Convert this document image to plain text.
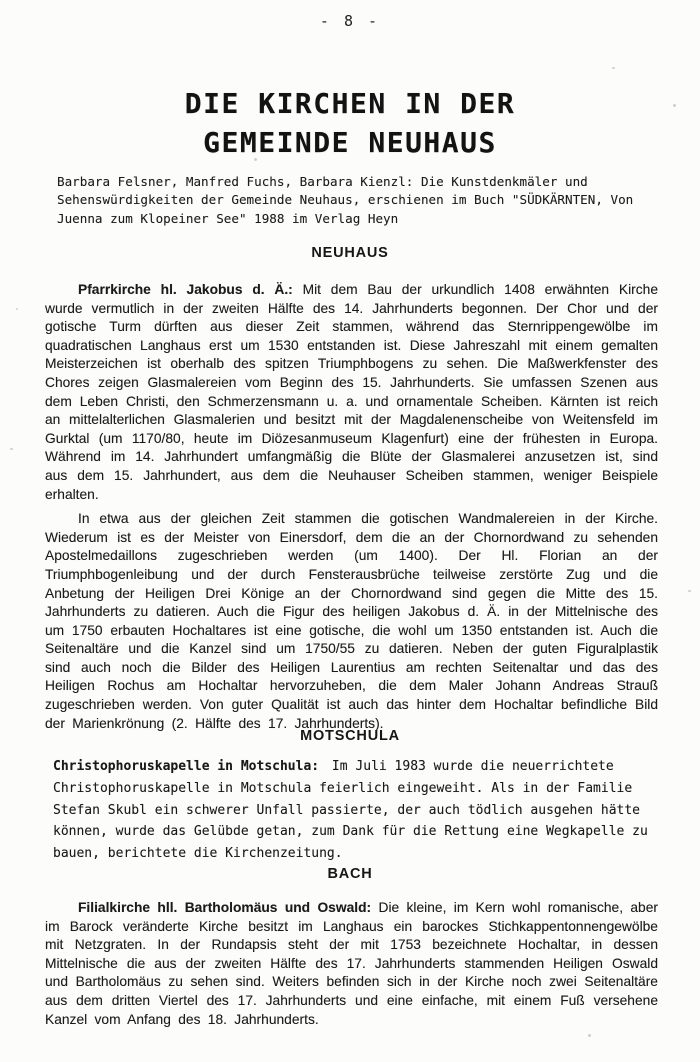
- 8 -
DIE KIRCHEN IN DER
GEMEINDE NEUHAUS
Barbara Felsner, Manfred Fuchs, Barbara Kienzl: Die Kunstdenkmäler und Sehenswürdigkeiten der Gemeinde Neuhaus, erschienen im Buch "SÜDKÄRNTEN, Von Juenna zum Klopeiner See" 1988 im Verlag Heyn
NEUHAUS

Pfarrkirche hl. Jakobus d. Ä.: Mit dem Bau der urkundlich 1408 erwähnten Kirche wurde vermutlich in der zweiten Hälfte des 14. Jahrhunderts begonnen. Der Chor und der gotische Turm dürften aus dieser Zeit stammen, während das Sternrippengewölbe im quadratischen Langhaus erst um 1530 entstanden ist. Diese Jahreszahl mit einem gemalten Meisterzeichen ist oberhalb des spitzen Triumphbogens zu sehen. Die Maßwerkfenster des Chores zeigen Glasmalereien vom Beginn des 15. Jahrhunderts. Sie umfassen Szenen aus dem Leben Christi, den Schmerzensmann u. a. und ornamentale Scheiben. Kärnten ist reich an mittelalterlichen Glasmalerien und besitzt mit der Magdalenenscheibe von Weitensfeld im Gurktal (um 1170/80, heute im Diözesanmuseum Klagenfurt) eine der frühesten in Europa. Während im 14. Jahrhundert umfangmäßig die Blüte der Glasmalerei anzusetzen ist, sind aus dem 15. Jahrhundert, aus dem die Neuhauser Scheiben stammen, weniger Beispiele erhalten.

In etwa aus der gleichen Zeit stammen die gotischen Wandmalereien in der Kirche. Wiederum ist es der Meister von Einersdorf, dem die an der Chornordwand zu sehenden Apostelmedaillons zugeschrieben werden (um 1400). Der Hl. Florian an der Triumphbogenleibung und der durch Fensterausbrüche teilweise zerstörte Zug und die Anbetung der Heiligen Drei Könige an der Chornordwand sind gegen die Mitte des 15. Jahrhunderts zu datieren. Auch die Figur des heiligen Jakobus d. Ä. in der Mittelnische des um 1750 erbauten Hochaltares ist eine gotische, die wohl um 1350 entstanden ist. Auch die Seitenaltäre und die Kanzel sind um 1750/55 zu datieren. Neben der guten Figuralplastik sind auch noch die Bilder des Heiligen Laurentius am rechten Seitenaltar und das des Heiligen Rochus am Hochaltar hervorzuheben, die dem Maler Johann Andreas Strauß zugeschrieben werden. Von guter Qualität ist auch das hinter dem Hochaltar befindliche Bild der Marienkrönung (2. Hälfte des 17. Jahrhunderts).

MOTSCHULA
Christophoruskapelle in Motschula: Im Juli 1983 wurde die neuerrichtete Christophoruskapelle in Motschula feierlich eingeweiht. Als in der Familie Stefan Skubl ein schwerer Unfall passierte, der auch tödlich ausgehen hätte können, wurde das Gelübde getan, zum Dank für die Rettung eine Wegkapelle zu bauen, berichtete die Kirchenzeitung.
BACH

Filialkirche hll. Bartholomäus und Oswald: Die kleine, im Kern wohl romanische, aber im Barock veränderte Kirche besitzt im Langhaus ein barockes Stichkappentonnengewölbe mit Netzgraten. In der Rundapsis steht der mit 1753 bezeichnete Hochaltar, in dessen Mittelnische die aus der zweiten Hälfte des 17. Jahrhunderts stammenden Heiligen Oswald und Bartholomäus zu sehen sind. Weiters befinden sich in der Kirche noch zwei Seitenaltäre aus dem dritten Viertel des 17. Jahrhunderts und eine einfache, mit einem Fuß versehene Kanzel vom Anfang des 18. Jahrhunderts.
